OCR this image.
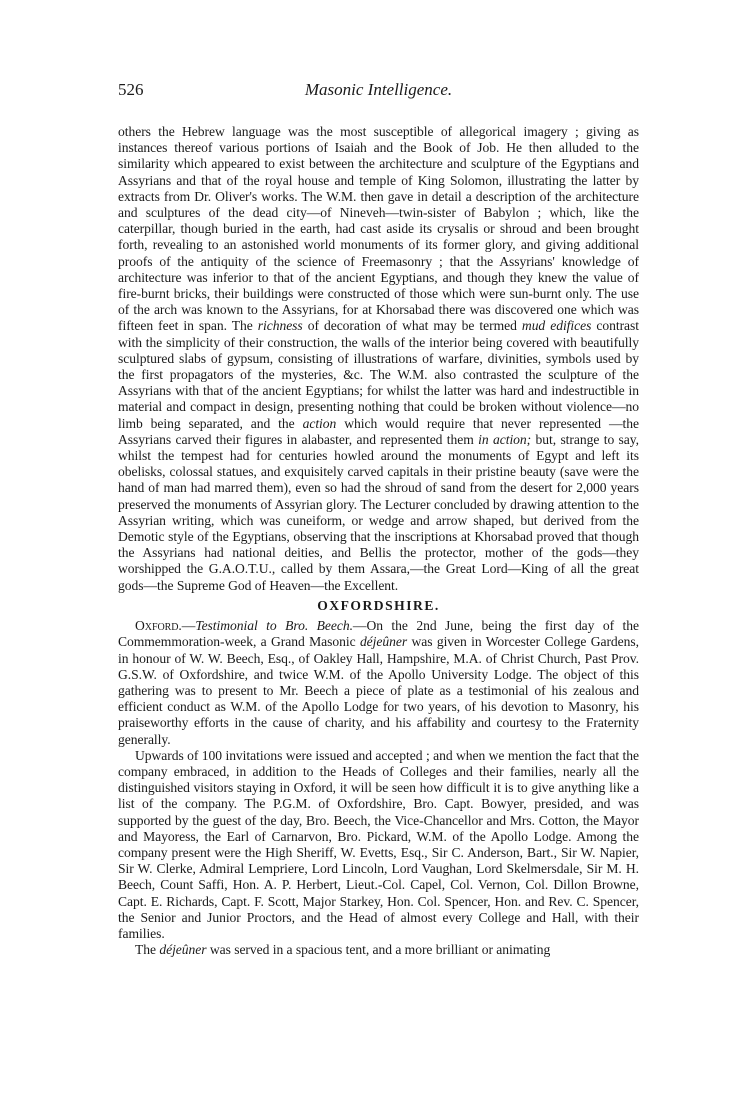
526	Masonic Intelligence.

others the Hebrew language was the most susceptible of allegorical imagery ; giving as instances thereof various portions of Isaiah and the Book of Job. He then alluded to the similarity which appeared to exist between the architecture and sculpture of the Egyptians and Assyrians and that of the royal house and temple of King Solomon, illustrating the latter by extracts from Dr. Oliver's works. The W.M. then gave in detail a description of the architecture and sculptures of the dead city—of Nineveh—twin-sister of Babylon ; which, like the caterpillar, though buried in the earth, had cast aside its crysalis or shroud and been brought forth, revealing to an astonished world monuments of its former glory, and giving additional proofs of the antiquity of the science of Freemasonry ; that the Assyrians' knowledge of architecture was inferior to that of the ancient Egyptians, and though they knew the value of fire-burnt bricks, their buildings were constructed of those which were sun-burnt only. The use of the arch was known to the Assyrians, for at Khorsabad there was discovered one which was fifteen feet in span. The richness of decoration of what may be termed mud edifices contrast with the simplicity of their construction, the walls of the interior being covered with beautifully sculptured slabs of gypsum, consisting of illustrations of warfare, divinities, symbols used by the first propagators of the mysteries, &c. The W.M. also contrasted the sculpture of the Assyrians with that of the ancient Egyptians; for whilst the latter was hard and indestructible in material and compact in design, presenting nothing that could be broken without violence—no limb being separated, and the action which would require that never represented —the Assyrians carved their figures in alabaster, and represented them in action; but, strange to say, whilst the tempest had for centuries howled around the monuments of Egypt and left its obelisks, colossal statues, and exquisitely carved capitals in their pristine beauty (save were the hand of man had marred them), even so had the shroud of sand from the desert for 2,000 years preserved the monuments of Assyrian glory. The Lecturer concluded by drawing attention to the Assyrian writing, which was cuneiform, or wedge and arrow shaped, but derived from the Demotic style of the Egyptians, observing that the inscriptions at Khorsabad proved that though the Assyrians had national deities, and Bellis the protector, mother of the gods—they worshipped the G.A.O.T.U., called by them Assara,—the Great Lord—King of all the great gods—the Supreme God of Heaven—the Excellent.

OXFORDSHIRE.

Oxford.—Testimonial to Bro. Beech.—On the 2nd June, being the first day of the Commemmoration-week, a Grand Masonic déjeûner was given in Worcester College Gardens, in honour of W. W. Beech, Esq., of Oakley Hall, Hampshire, M.A. of Christ Church, Past Prov. G.S.W. of Oxfordshire, and twice W.M. of the Apollo University Lodge. The object of this gathering was to present to Mr. Beech a piece of plate as a testimonial of his zealous and efficient conduct as W.M. of the Apollo Lodge for two years, of his devotion to Masonry, his praiseworthy efforts in the cause of charity, and his affability and courtesy to the Fraternity generally.

Upwards of 100 invitations were issued and accepted ; and when we mention the fact that the company embraced, in addition to the Heads of Colleges and their families, nearly all the distinguished visitors staying in Oxford, it will be seen how difficult it is to give anything like a list of the company. The P.G.M. of Oxfordshire, Bro. Capt. Bowyer, presided, and was supported by the guest of the day, Bro. Beech, the Vice-Chancellor and Mrs. Cotton, the Mayor and Mayoress, the Earl of Carnarvon, Bro. Pickard, W.M. of the Apollo Lodge. Among the company present were the High Sheriff, W. Evetts, Esq., Sir C. Anderson, Bart., Sir W. Napier, Sir W. Clerke, Admiral Lempriere, Lord Lincoln, Lord Vaughan, Lord Skelmersdale, Sir M. H. Beech, Count Saffi, Hon. A. P. Herbert, Lieut.-Col. Capel, Col. Vernon, Col. Dillon Browne, Capt. E. Richards, Capt. F. Scott, Major Starkey, Hon. Col. Spencer, Hon. and Rev. C. Spencer, the Senior and Junior Proctors, and the Head of almost every College and Hall, with their families.

The déjeûner was served in a spacious tent, and a more brilliant or animating
